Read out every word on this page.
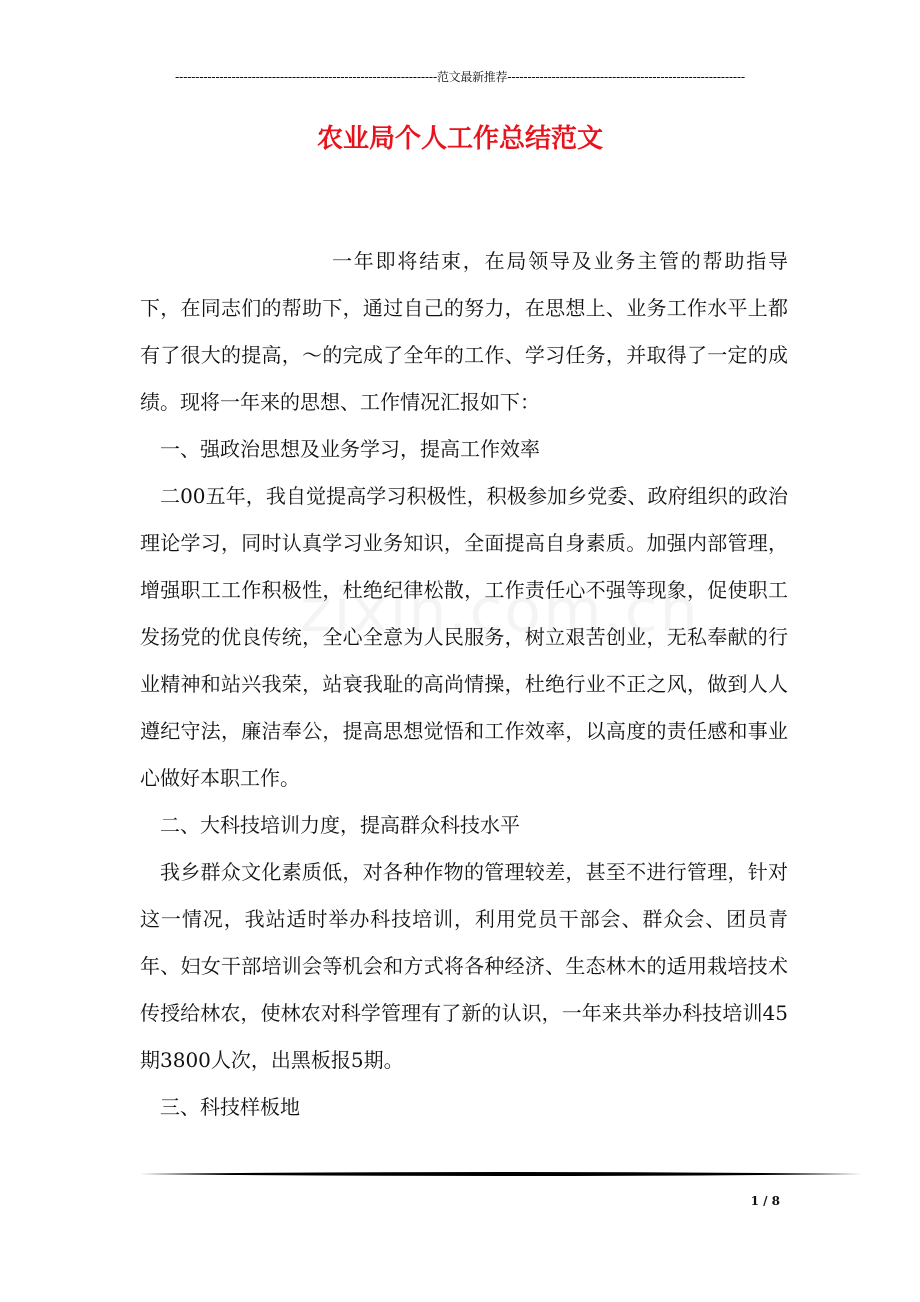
-----------------------------------------------------------------范文最新推荐-----------------------------------------------------------
农业局个人工作总结范文

一年即将结束，在局领导及业务主管的帮助指导下，在同志们的帮助下，通过自己的努力，在思想上、业务工作水平上都有了很大的提高，～的完成了全年的工作、学习任务，并取得了一定的成绩。现将一年来的思想、工作情况汇报如下：

一、强政治思想及业务学习，提高工作效率

二00五年，我自觉提高学习积极性，积极参加乡党委、政府组织的政治理论学习，同时认真学习业务知识，全面提高自身素质。加强内部管理，增强职工工作积极性，杜绝纪律松散，工作责任心不强等现象，促使职工发扬党的优良传统，全心全意为人民服务，树立艰苦创业，无私奉献的行业精神和站兴我荣，站衰我耻的高尚情操，杜绝行业不正之风，做到人人遵纪守法，廉洁奉公，提高思想觉悟和工作效率，以高度的责任感和事业心做好本职工作。

二、大科技培训力度，提高群众科技水平

我乡群众文化素质低，对各种作物的管理较差，甚至不进行管理，针对这一情况，我站适时举办科技培训，利用党员干部会、群众会、团员青年、妇女干部培训会等机会和方式将各种经济、生态林木的适用栽培技术传授给林农，使林农对科学管理有了新的认识，一年来共举办科技培训45期3800人次，出黑板报5期。

三、科技样板地

1 / 8
